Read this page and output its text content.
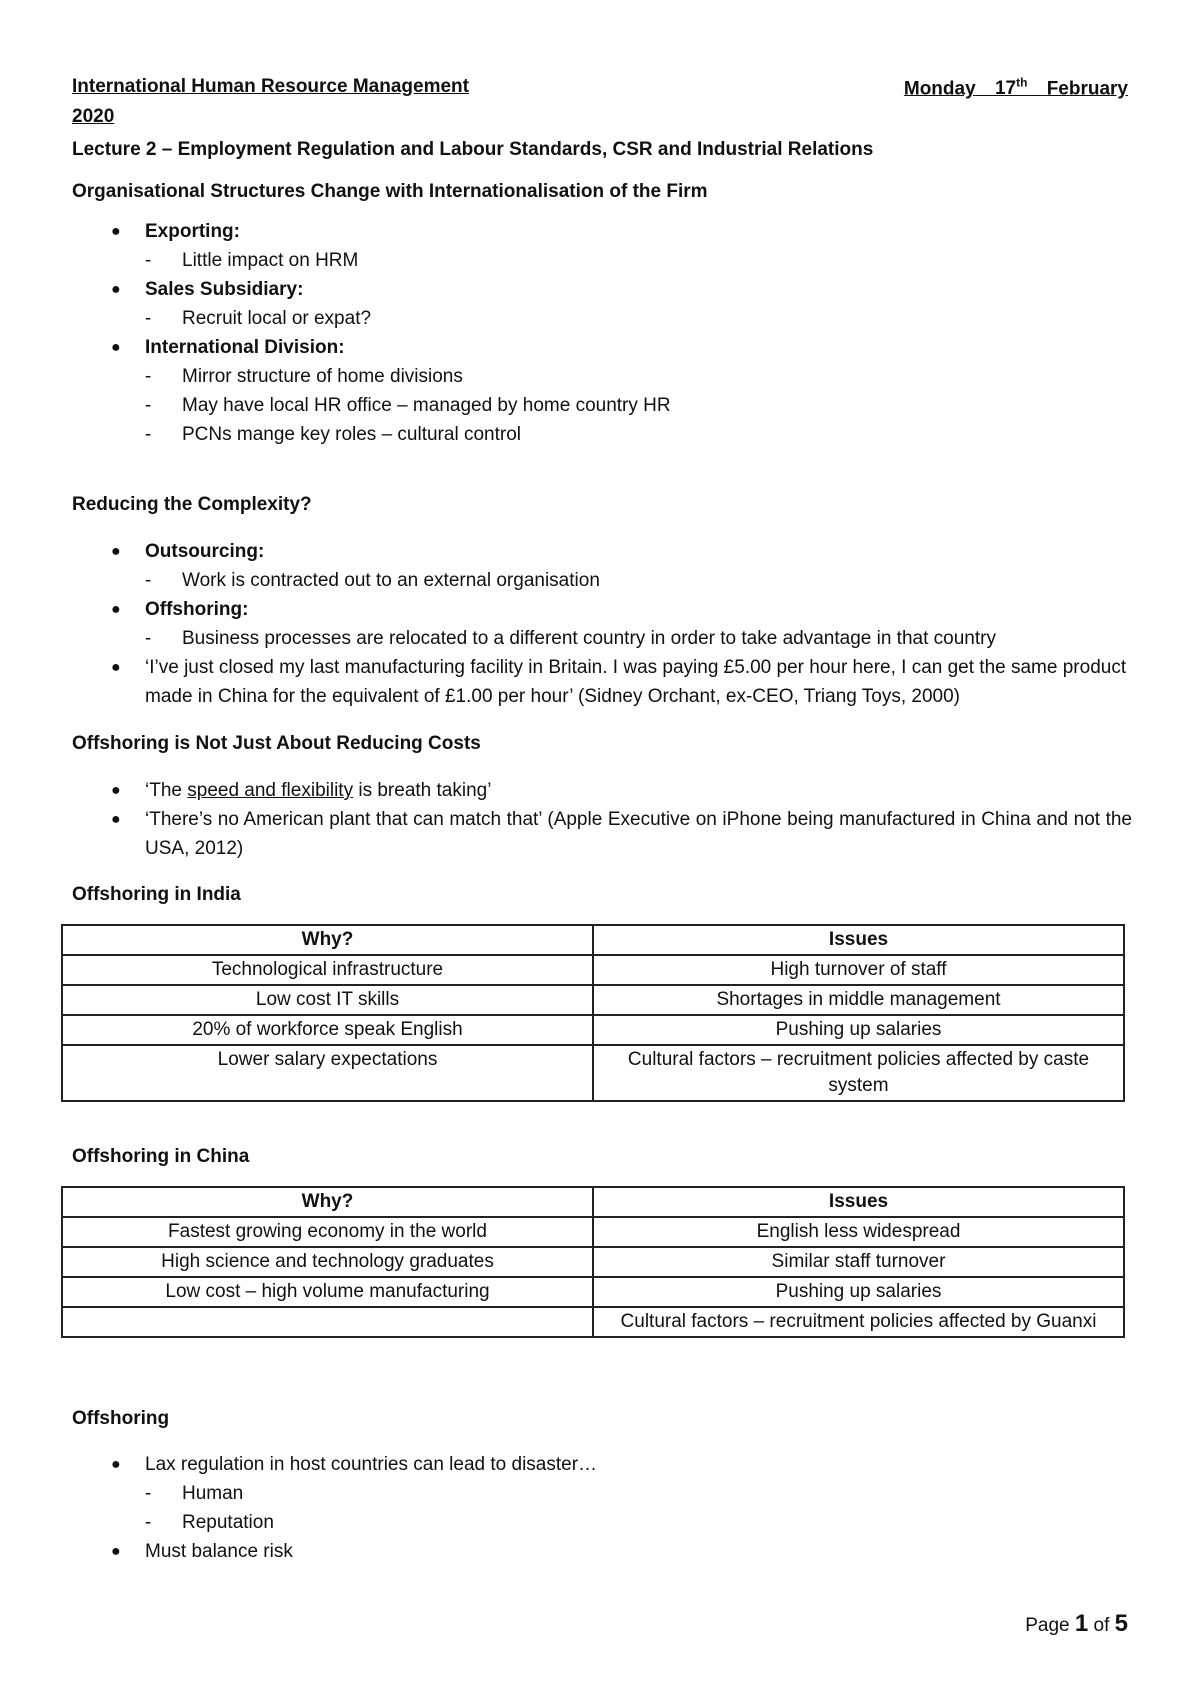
International Human Resource Management
2020
Monday 17th February
Lecture 2 – Employment Regulation and Labour Standards, CSR and Industrial Relations
Organisational Structures Change with Internationalisation of the Firm
● Exporting:
- Little impact on HRM
● Sales Subsidiary:
- Recruit local or expat?
● International Division:
- Mirror structure of home divisions
- May have local HR office – managed by home country HR
- PCNs mange key roles – cultural control
Reducing the Complexity?
● Outsourcing:
- Work is contracted out to an external organisation
● Offshoring:
- Business processes are relocated to a different country in order to take advantage in that country
● ‘I’ve just closed my last manufacturing facility in Britain. I was paying £5.00 per hour here, I can get the same product made in China for the equivalent of £1.00 per hour’ (Sidney Orchant, ex-CEO, Triang Toys, 2000)
Offshoring is Not Just About Reducing Costs
● ‘The speed and flexibility is breath taking’
● ‘There’s no American plant that can match that’ (Apple Executive on iPhone being manufactured in China and not the USA, 2012)
Offshoring in India
Why?	Issues
Technological infrastructure	High turnover of staff
Low cost IT skills	Shortages in middle management
20% of workforce speak English	Pushing up salaries
Lower salary expectations	Cultural factors – recruitment policies affected by caste system
Offshoring in China
Why?	Issues
Fastest growing economy in the world	English less widespread
High science and technology graduates	Similar staff turnover
Low cost – high volume manufacturing	Pushing up salaries
	Cultural factors – recruitment policies affected by Guanxi
Offshoring
● Lax regulation in host countries can lead to disaster…
- Human
- Reputation
● Must balance risk
Page 1 of 5
